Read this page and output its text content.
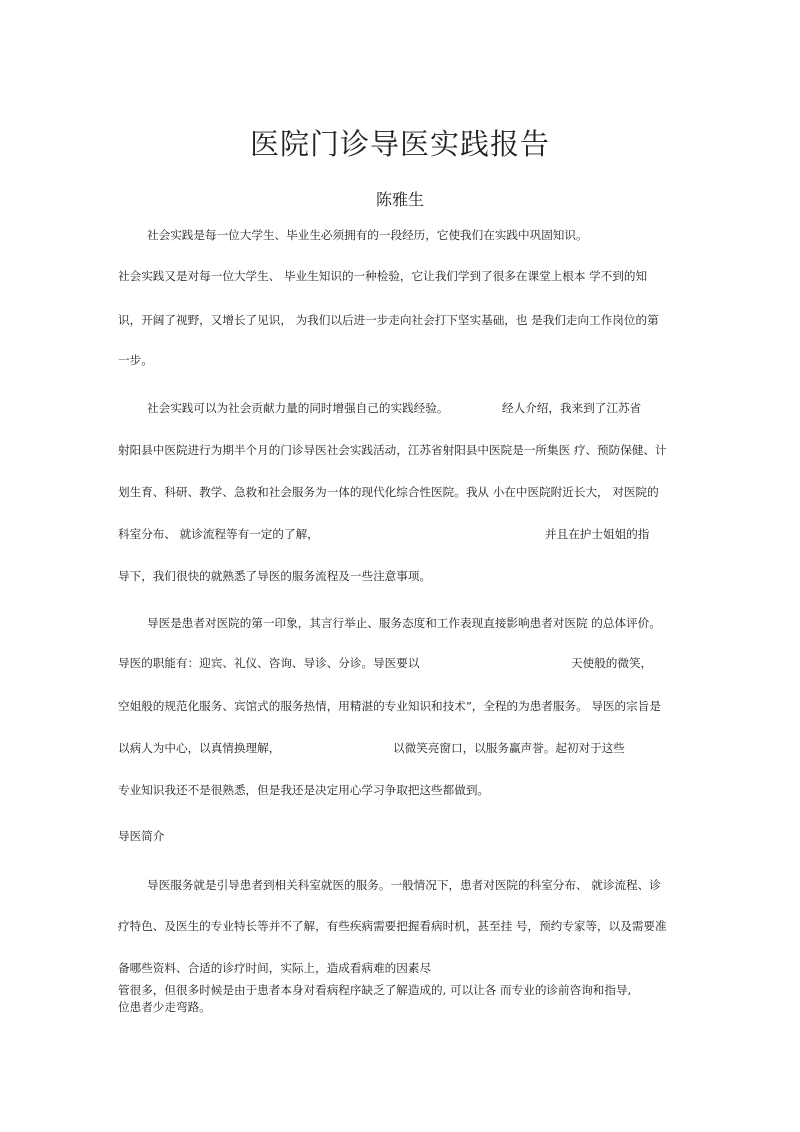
医院门诊导医实践报告
陈雅生
社会实践是每一位大学生、毕业生必须拥有的一段经历，它使我们在实践中巩固知识。
社会实践又是对每一位大学生、 毕业生知识的一种检验，它让我们学到了很多在课堂上根本 学不到的知
识，开阔了视野，又增长了见识， 为我们以后进一步走向社会打下坚实基础，也 是我们走向工作岗位的第
一步。
社会实践可以为社会贡献力量的同时增强自己的实践经验。	经人介绍，我来到了江苏省
射阳县中医院进行为期半个月的门诊导医社会实践活动，江苏省射阳县中医院是一所集医 疗、预防保健、计
划生育、科研、教学、急救和社会服务为一体的现代化综合性医院。我从 小在中医院附近长大， 对医院的
科室分布、 就诊流程等有一定的了解，	并且在护士姐姐的指
导下，我们很快的就熟悉了导医的服务流程及一些注意事项。
导医是患者对医院的第一印象，其言行举止、服务态度和工作表现直接影响患者对医院 的总体评价。
导医的职能有：迎宾、礼仪、咨询、导诊、分诊。导医要以	天使般的微笑，
空姐般的规范化服务、宾馆式的服务热情，用精湛的专业知识和技术”，全程的为患者服务。 导医的宗旨是
以病人为中心，以真情换理解，	以微笑亮窗口，以服务赢声誉。起初对于这些
专业知识我还不是很熟悉，但是我还是决定用心学习争取把这些都做到。
导医简介
导医服务就是引导患者到相关科室就医的服务。一般情况下，患者对医院的科室分布、 就诊流程、诊
疗特色、及医生的专业特长等并不了解，有些疾病需要把握看病时机，甚至挂 号，预约专家等，以及需要准
备哪些资料、合适的诊疗时间，实际上，造成看病难的因素尽
管很多，但很多时候是由于患者本身对看病程序缺乏了解造成的, 可以让各 而专业的诊前咨询和指导,
位患者少走弯路。
